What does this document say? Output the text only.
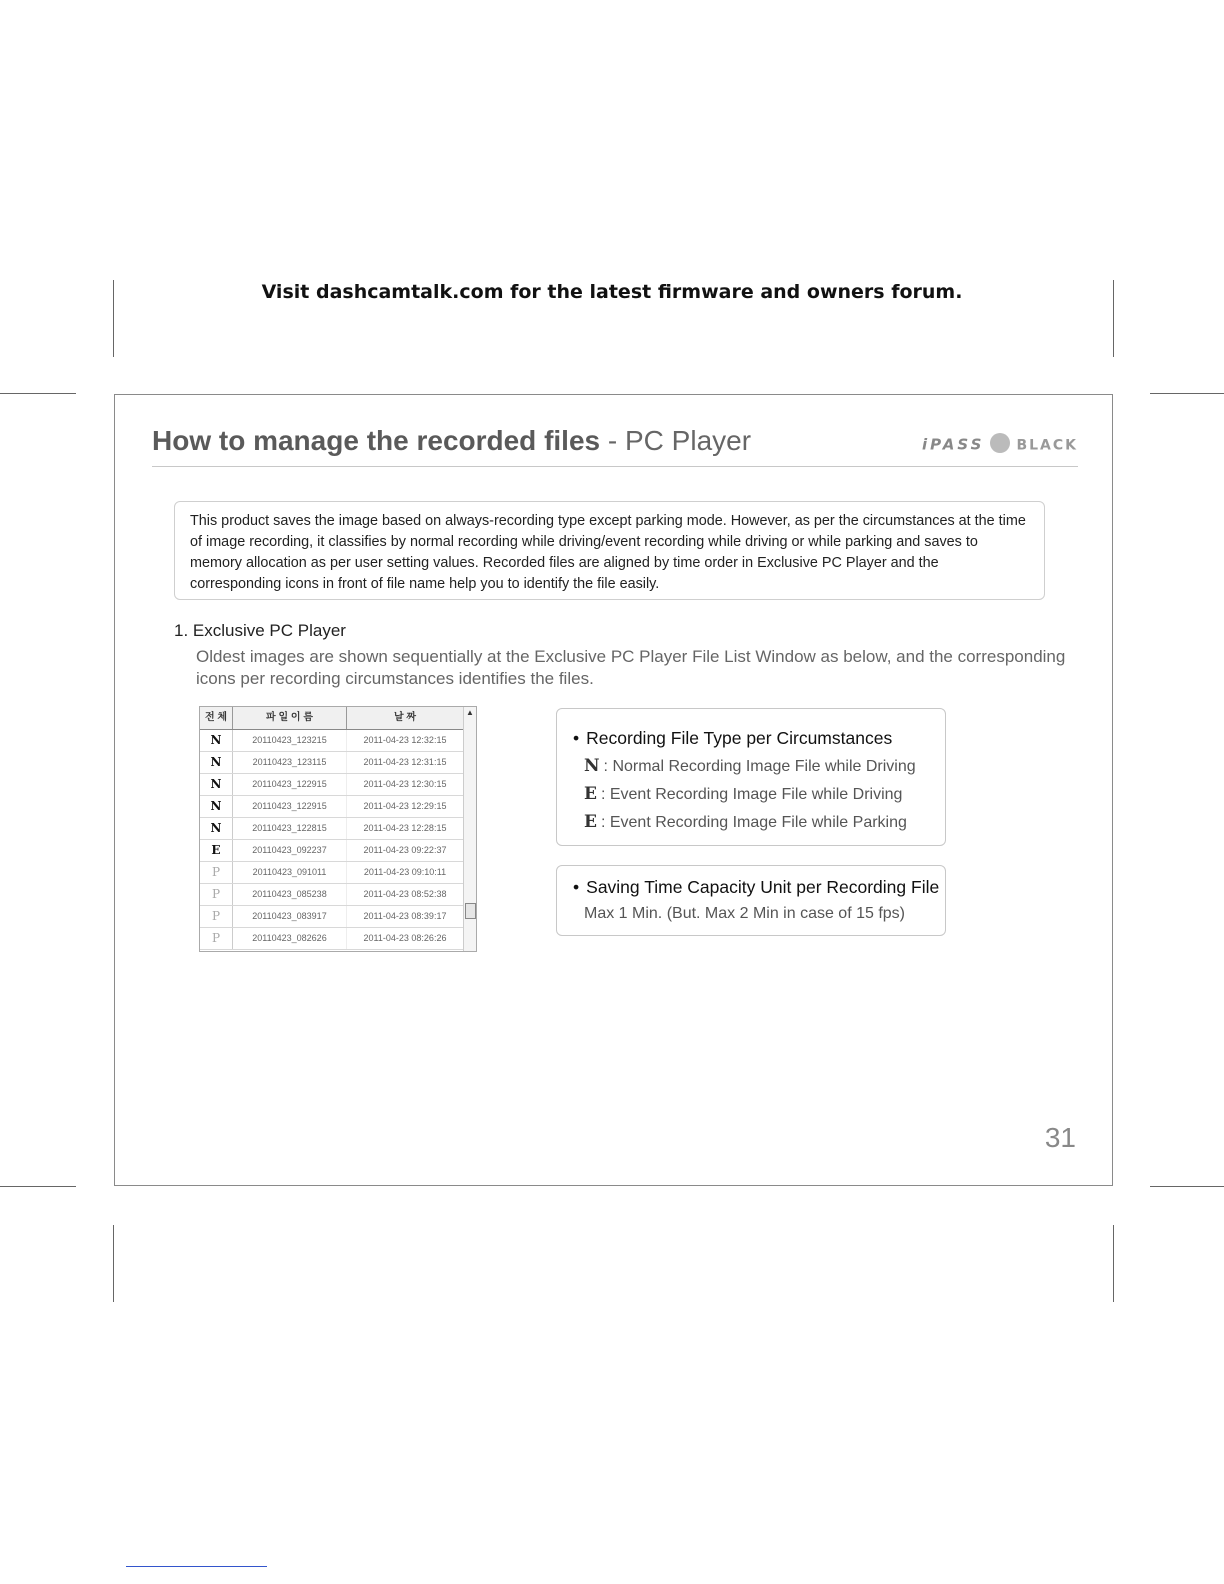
Visit dashcamtalk.com for the latest firmware and owners forum.
How to manage the recorded files - PC Player	iPASS BLACK
This product saves the image based on always-recording type except parking mode. However, as per the circumstances at the time of image recording, it classifies by normal recording while driving/event recording while driving or while parking and saves to memory allocation as per user setting values. Recorded files are aligned by time order in Exclusive PC Player and the corresponding icons in front of file name help you to identify the file easily.
1. Exclusive PC Player
Oldest images are shown sequentially at the Exclusive PC Player File List Window as below, and the corresponding icons per recording circumstances identifies the files.
전 체	파 일 이 름	날 짜
N	20110423_123215	2011-04-23 12:32:15
N	20110423_123115	2011-04-23 12:31:15
N	20110423_122915	2011-04-23 12:30:15
N	20110423_122915	2011-04-23 12:29:15
N	20110423_122815	2011-04-23 12:28:15
E	20110423_092237	2011-04-23 09:22:37
P	20110423_091011	2011-04-23 09:10:11
P	20110423_085238	2011-04-23 08:52:38
P	20110423_083917	2011-04-23 08:39:17
P	20110423_082626	2011-04-23 08:26:26
▲
• Recording File Type per Circumstances
N : Normal Recording Image File while Driving
E : Event Recording Image File while Driving
E : Event Recording Image File while Parking
• Saving Time Capacity Unit per Recording File
Max 1 Min. (But. Max 2 Min in case of 15 fps)
31
